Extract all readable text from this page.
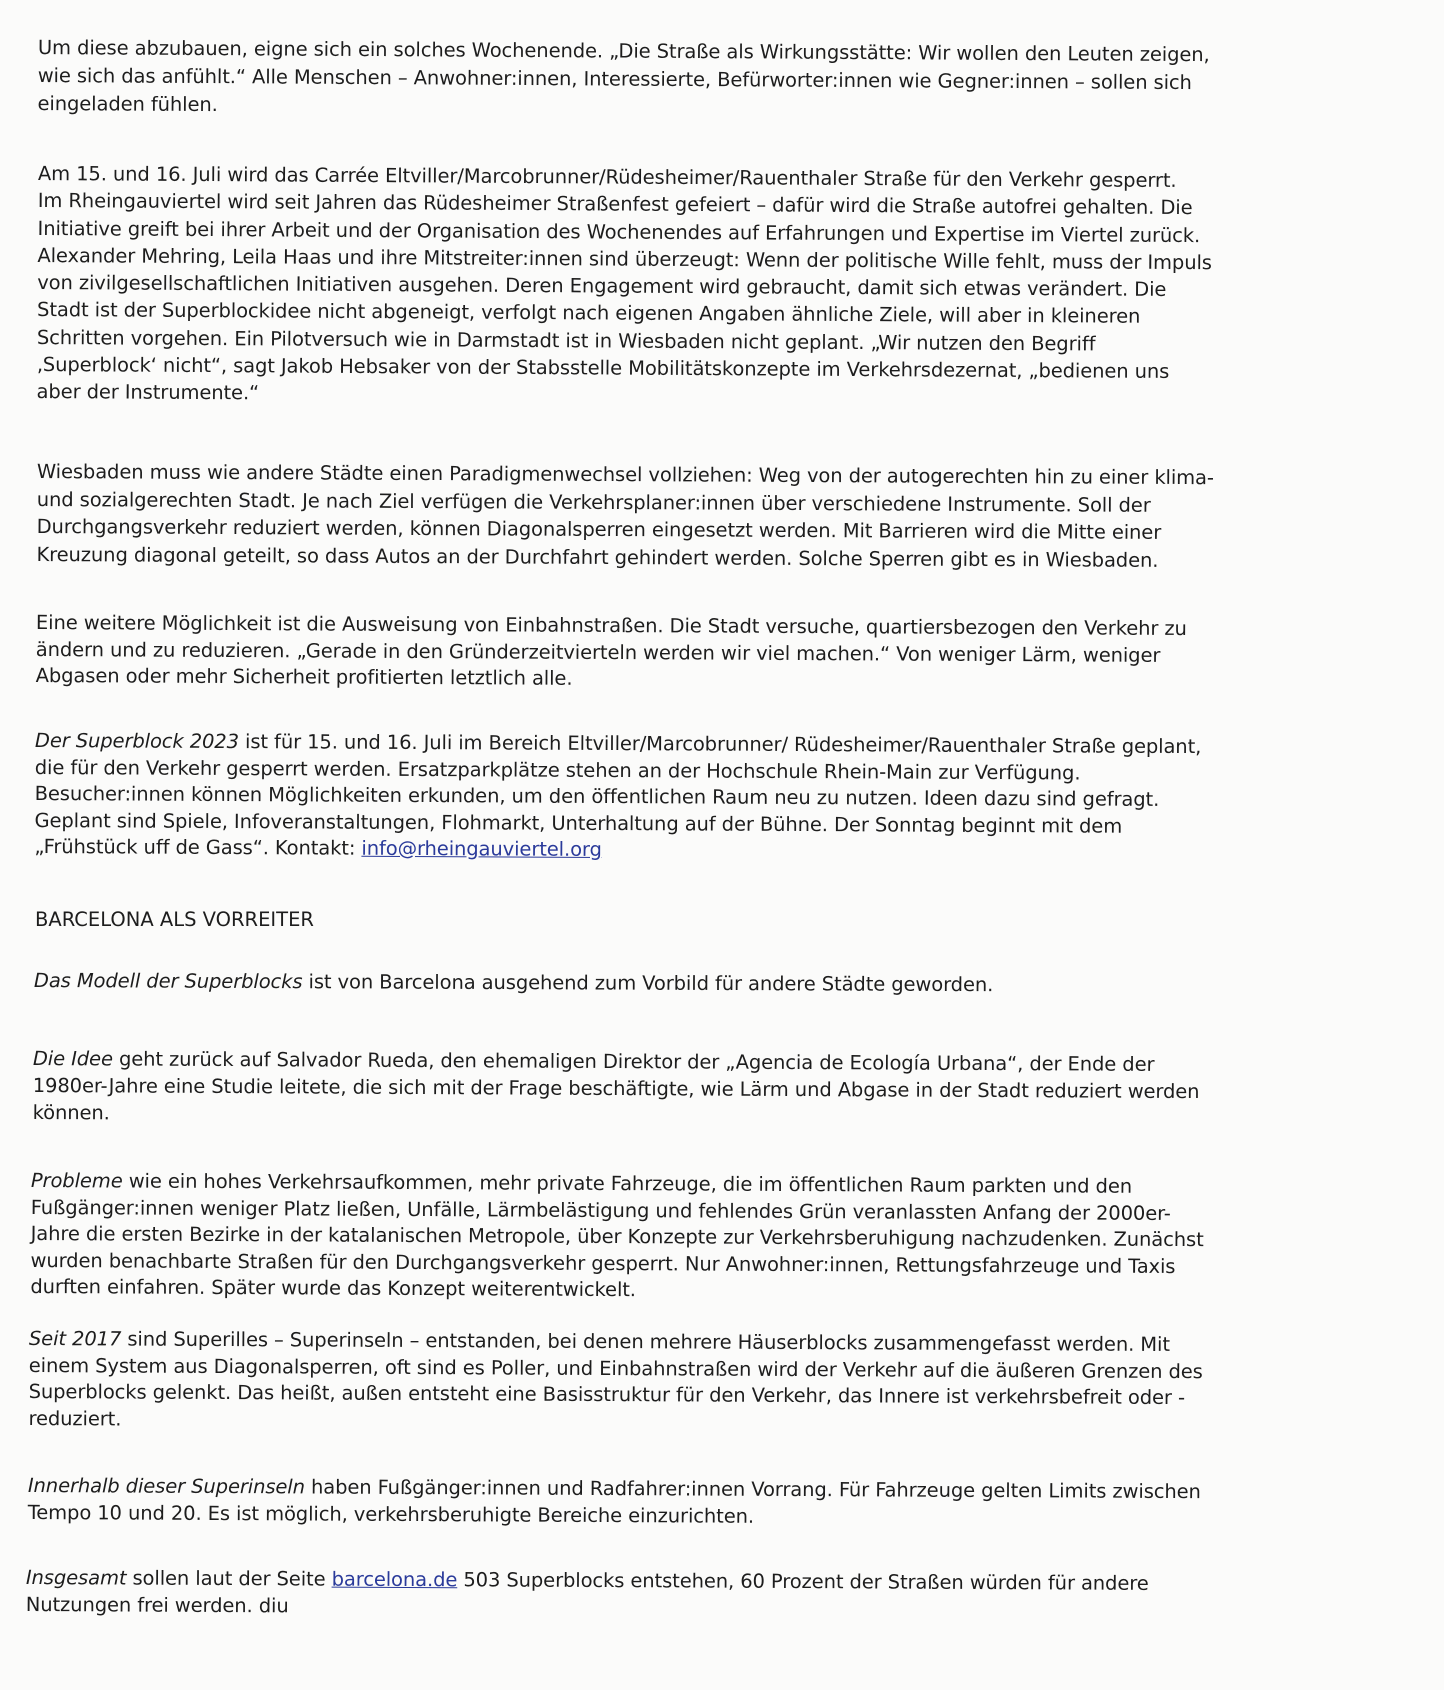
Um diese abzubauen, eigne sich ein solches Wochenende. „Die Straße als Wirkungsstätte: Wir wollen den Leuten zeigen,
wie sich das anfühlt.“ Alle Menschen – Anwohner:innen, Interessierte, Befürworter:innen wie Gegner:innen – sollen sich
eingeladen fühlen.

Am 15. und 16. Juli wird das Carrée Eltviller/Marcobrunner/Rüdesheimer/Rauenthaler Straße für den Verkehr gesperrt.
Im Rheingauviertel wird seit Jahren das Rüdesheimer Straßenfest gefeiert – dafür wird die Straße autofrei gehalten. Die
Initiative greift bei ihrer Arbeit und der Organisation des Wochenendes auf Erfahrungen und Expertise im Viertel zurück.
Alexander Mehring, Leila Haas und ihre Mitstreiter:innen sind überzeugt: Wenn der politische Wille fehlt, muss der Impuls
von zivilgesellschaftlichen Initiativen ausgehen. Deren Engagement wird gebraucht, damit sich etwas verändert. Die
Stadt ist der Superblockidee nicht abgeneigt, verfolgt nach eigenen Angaben ähnliche Ziele, will aber in kleineren
Schritten vorgehen. Ein Pilotversuch wie in Darmstadt ist in Wiesbaden nicht geplant. „Wir nutzen den Begriff
‚Superblock‘ nicht“, sagt Jakob Hebsaker von der Stabsstelle Mobilitätskonzepte im Verkehrsdezernat, „bedienen uns
aber der Instrumente.“

Wiesbaden muss wie andere Städte einen Paradigmenwechsel vollziehen: Weg von der autogerechten hin zu einer klima-
und sozialgerechten Stadt. Je nach Ziel verfügen die Verkehrsplaner:innen über verschiedene Instrumente. Soll der
Durchgangsverkehr reduziert werden, können Diagonalsperren eingesetzt werden. Mit Barrieren wird die Mitte einer
Kreuzung diagonal geteilt, so dass Autos an der Durchfahrt gehindert werden. Solche Sperren gibt es in Wiesbaden.

Eine weitere Möglichkeit ist die Ausweisung von Einbahnstraßen. Die Stadt versuche, quartiersbezogen den Verkehr zu
ändern und zu reduzieren. „Gerade in den Gründerzeitvierteln werden wir viel machen.“ Von weniger Lärm, weniger
Abgasen oder mehr Sicherheit profitierten letztlich alle.

Der Superblock 2023 ist für 15. und 16. Juli im Bereich Eltviller/Marcobrunner/ Rüdesheimer/Rauenthaler Straße geplant,
die für den Verkehr gesperrt werden. Ersatzparkplätze stehen an der Hochschule Rhein-Main zur Verfügung.
Besucher:innen können Möglichkeiten erkunden, um den öffentlichen Raum neu zu nutzen. Ideen dazu sind gefragt.
Geplant sind Spiele, Infoveranstaltungen, Flohmarkt, Unterhaltung auf der Bühne. Der Sonntag beginnt mit dem
„Frühstück uff de Gass“. Kontakt: info@rheingauviertel.org

BARCELONA ALS VORREITER

Das Modell der Superblocks ist von Barcelona ausgehend zum Vorbild für andere Städte geworden.

Die Idee geht zurück auf Salvador Rueda, den ehemaligen Direktor der „Agencia de Ecología Urbana“, der Ende der
1980er-Jahre eine Studie leitete, die sich mit der Frage beschäftigte, wie Lärm und Abgase in der Stadt reduziert werden
können.

Probleme wie ein hohes Verkehrsaufkommen, mehr private Fahrzeuge, die im öffentlichen Raum parkten und den
Fußgänger:innen weniger Platz ließen, Unfälle, Lärmbelästigung und fehlendes Grün veranlassten Anfang der 2000er-
Jahre die ersten Bezirke in der katalanischen Metropole, über Konzepte zur Verkehrsberuhigung nachzudenken. Zunächst
wurden benachbarte Straßen für den Durchgangsverkehr gesperrt. Nur Anwohner:innen, Rettungsfahrzeuge und Taxis
durften einfahren. Später wurde das Konzept weiterentwickelt.

Seit 2017 sind Superilles – Superinseln – entstanden, bei denen mehrere Häuserblocks zusammengefasst werden. Mit
einem System aus Diagonalsperren, oft sind es Poller, und Einbahnstraßen wird der Verkehr auf die äußeren Grenzen des
Superblocks gelenkt. Das heißt, außen entsteht eine Basisstruktur für den Verkehr, das Innere ist verkehrsbefreit oder -
reduziert.

Innerhalb dieser Superinseln haben Fußgänger:innen und Radfahrer:innen Vorrang. Für Fahrzeuge gelten Limits zwischen
Tempo 10 und 20. Es ist möglich, verkehrsberuhigte Bereiche einzurichten.

Insgesamt sollen laut der Seite barcelona.de 503 Superblocks entstehen, 60 Prozent der Straßen würden für andere
Nutzungen frei werden. diu
